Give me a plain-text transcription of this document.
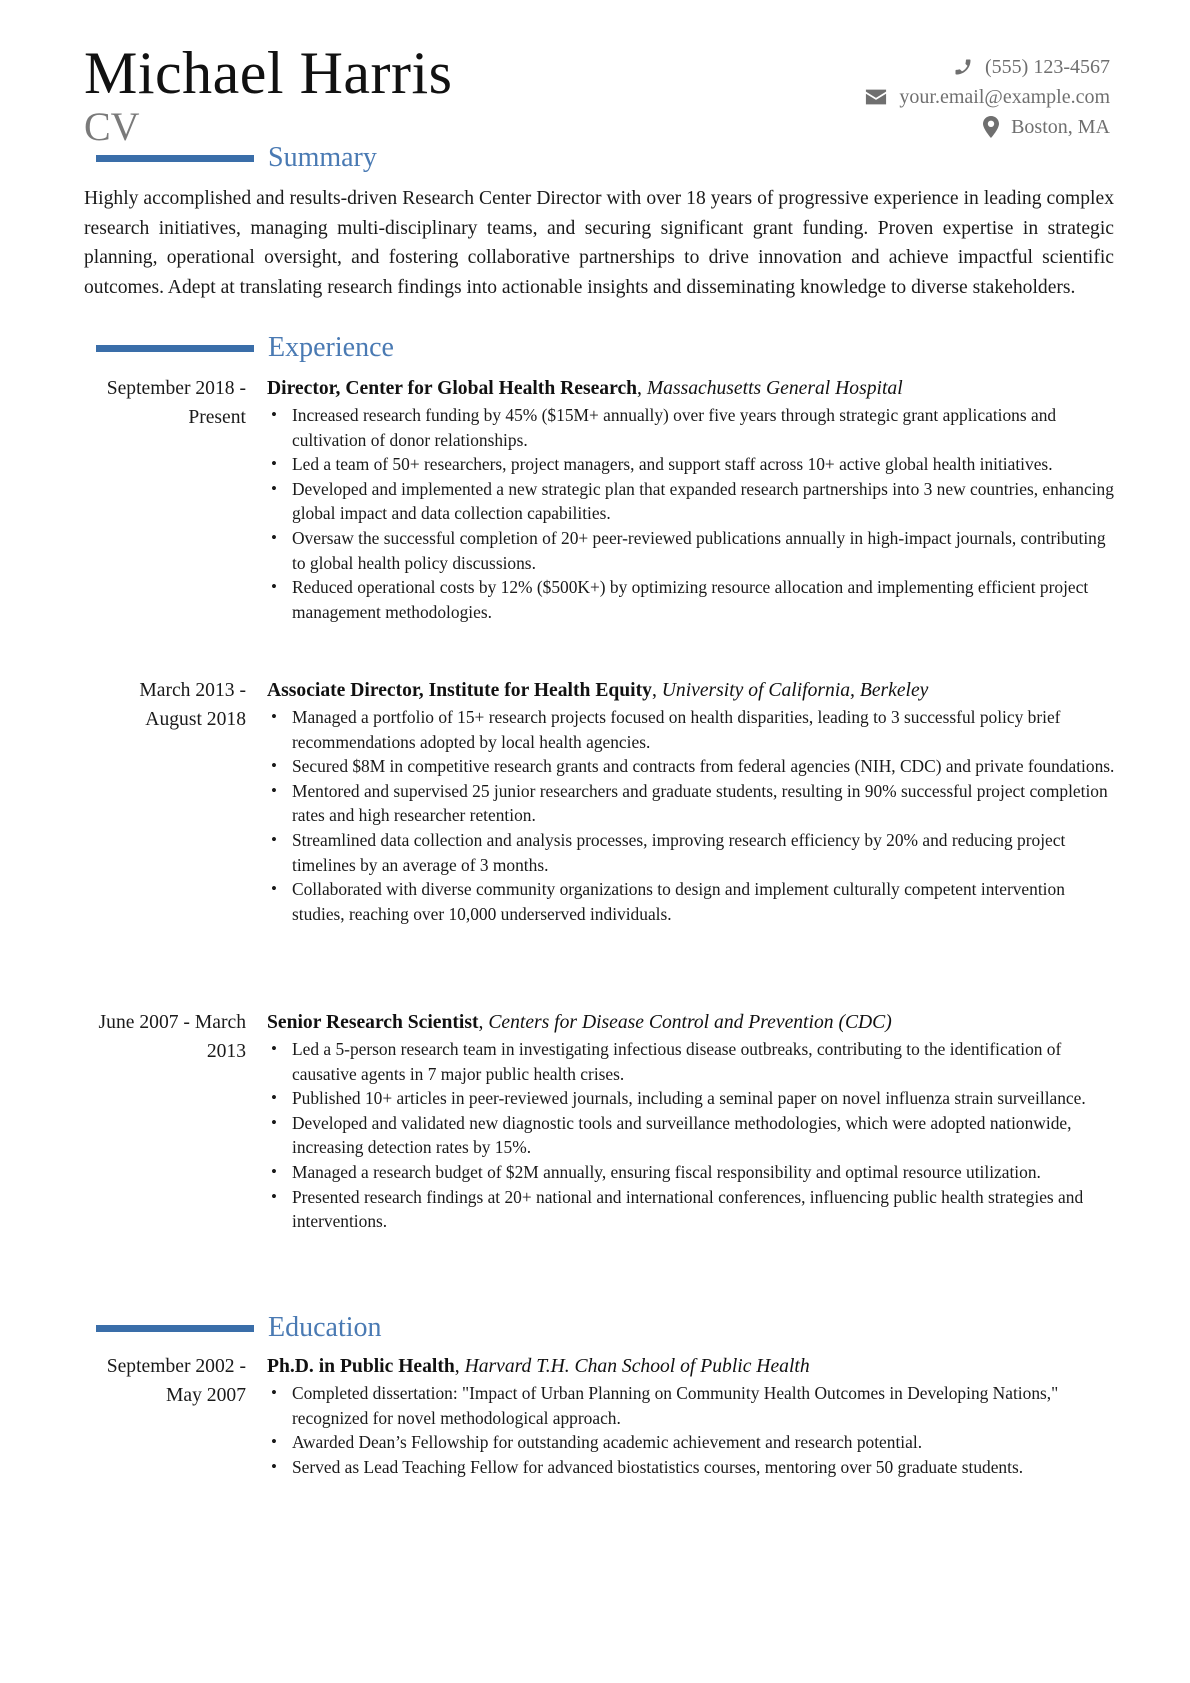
Michael Harris
CV
(555) 123-4567
your.email@example.com
Boston, MA
Summary
Highly accomplished and results-driven Research Center Director with over 18 years of progressive experience in leading complex research initiatives, managing multi-disciplinary teams, and securing significant grant funding. Proven expertise in strategic planning, operational oversight, and fostering collaborative partnerships to drive innovation and achieve impactful scientific outcomes. Adept at translating research findings into actionable insights and disseminating knowledge to diverse stakeholders.
Experience
September 2018 - Present
Director, Center for Global Health Research, Massachusetts General Hospital
• Increased research funding by 45% ($15M+ annually) over five years through strategic grant applications and cultivation of donor relationships.
• Led a team of 50+ researchers, project managers, and support staff across 10+ active global health initiatives.
• Developed and implemented a new strategic plan that expanded research partnerships into 3 new countries, enhancing global impact and data collection capabilities.
• Oversaw the successful completion of 20+ peer-reviewed publications annually in high-impact journals, contributing to global health policy discussions.
• Reduced operational costs by 12% ($500K+) by optimizing resource allocation and implementing efficient project management methodologies.
March 2013 - August 2018
Associate Director, Institute for Health Equity, University of California, Berkeley
• Managed a portfolio of 15+ research projects focused on health disparities, leading to 3 successful policy brief recommendations adopted by local health agencies.
• Secured $8M in competitive research grants and contracts from federal agencies (NIH, CDC) and private foundations.
• Mentored and supervised 25 junior researchers and graduate students, resulting in 90% successful project completion rates and high researcher retention.
• Streamlined data collection and analysis processes, improving research efficiency by 20% and reducing project timelines by an average of 3 months.
• Collaborated with diverse community organizations to design and implement culturally competent intervention studies, reaching over 10,000 underserved individuals.
June 2007 - March 2013
Senior Research Scientist, Centers for Disease Control and Prevention (CDC)
• Led a 5-person research team in investigating infectious disease outbreaks, contributing to the identification of causative agents in 7 major public health crises.
• Published 10+ articles in peer-reviewed journals, including a seminal paper on novel influenza strain surveillance.
• Developed and validated new diagnostic tools and surveillance methodologies, which were adopted nationwide, increasing detection rates by 15%.
• Managed a research budget of $2M annually, ensuring fiscal responsibility and optimal resource utilization.
• Presented research findings at 20+ national and international conferences, influencing public health strategies and interventions.
Education
September 2002 - May 2007
Ph.D. in Public Health, Harvard T.H. Chan School of Public Health
• Completed dissertation: "Impact of Urban Planning on Community Health Outcomes in Developing Nations," recognized for novel methodological approach.
• Awarded Dean’s Fellowship for outstanding academic achievement and research potential.
• Served as Lead Teaching Fellow for advanced biostatistics courses, mentoring over 50 graduate students.
